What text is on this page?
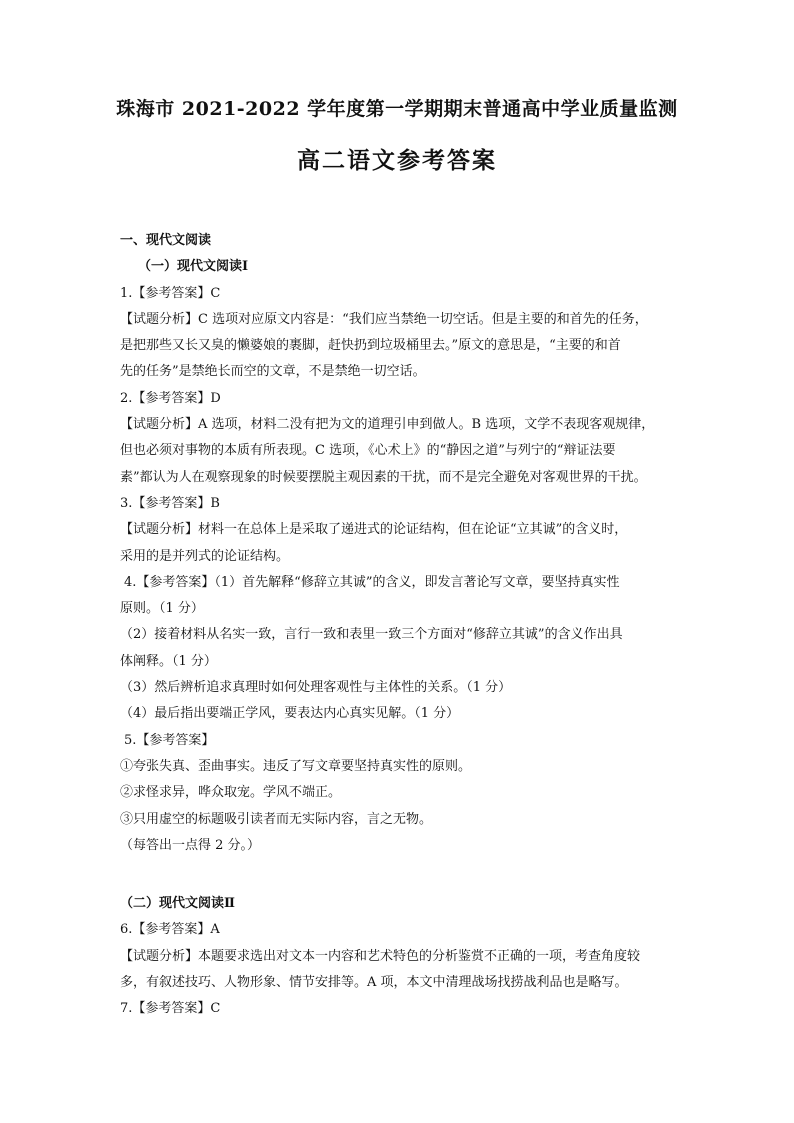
珠海市 2021-2022 学年度第一学期期末普通高中学业质量监测
高二语文参考答案
一、现代文阅读
（一）现代文阅读Ⅰ
1.【参考答案】C
【试题分析】C 选项对应原文内容是：“我们应当禁绝一切空话。但是主要的和首先的任务，
是把那些又长又臭的懒婆娘的裹脚，赶快扔到垃圾桶里去。”原文的意思是，“主要的和首
先的任务”是禁绝长而空的文章，不是禁绝一切空话。
2.【参考答案】D
【试题分析】A 选项，材料二没有把为文的道理引申到做人。B 选项，文学不表现客观规律，
但也必须对事物的本质有所表现。C 选项，《心术上》的“静因之道”与列宁的“辩证法要
素”都认为人在观察现象的时候要摆脱主观因素的干扰，而不是完全避免对客观世界的干扰。
3.【参考答案】B
【试题分析】材料一在总体上是采取了递进式的论证结构，但在论证“立其诚”的含义时，
采用的是并列式的论证结构。
4.【参考答案】（1）首先解释“修辞立其诚”的含义，即发言著论写文章，要坚持真实性
原则。（1 分）
（2）接着材料从名实一致，言行一致和表里一致三个方面对“修辞立其诚”的含义作出具
体阐释。（1 分）
（3）然后辨析追求真理时如何处理客观性与主体性的关系。（1 分）
（4）最后指出要端正学风，要表达内心真实见解。（1 分）
5.【参考答案】
①夸张失真、歪曲事实。违反了写文章要坚持真实性的原则。
②求怪求异，哗众取宠。学风不端正。
③只用虚空的标题吸引读者而无实际内容，言之无物。
（每答出一点得 2 分。）
（二）现代文阅读Ⅱ
6.【参考答案】A
【试题分析】本题要求选出对文本一内容和艺术特色的分析鉴赏不正确的一项，考查角度较
多，有叙述技巧、人物形象、情节安排等。A 项，本文中清理战场找捞战利品也是略写。
7.【参考答案】C
